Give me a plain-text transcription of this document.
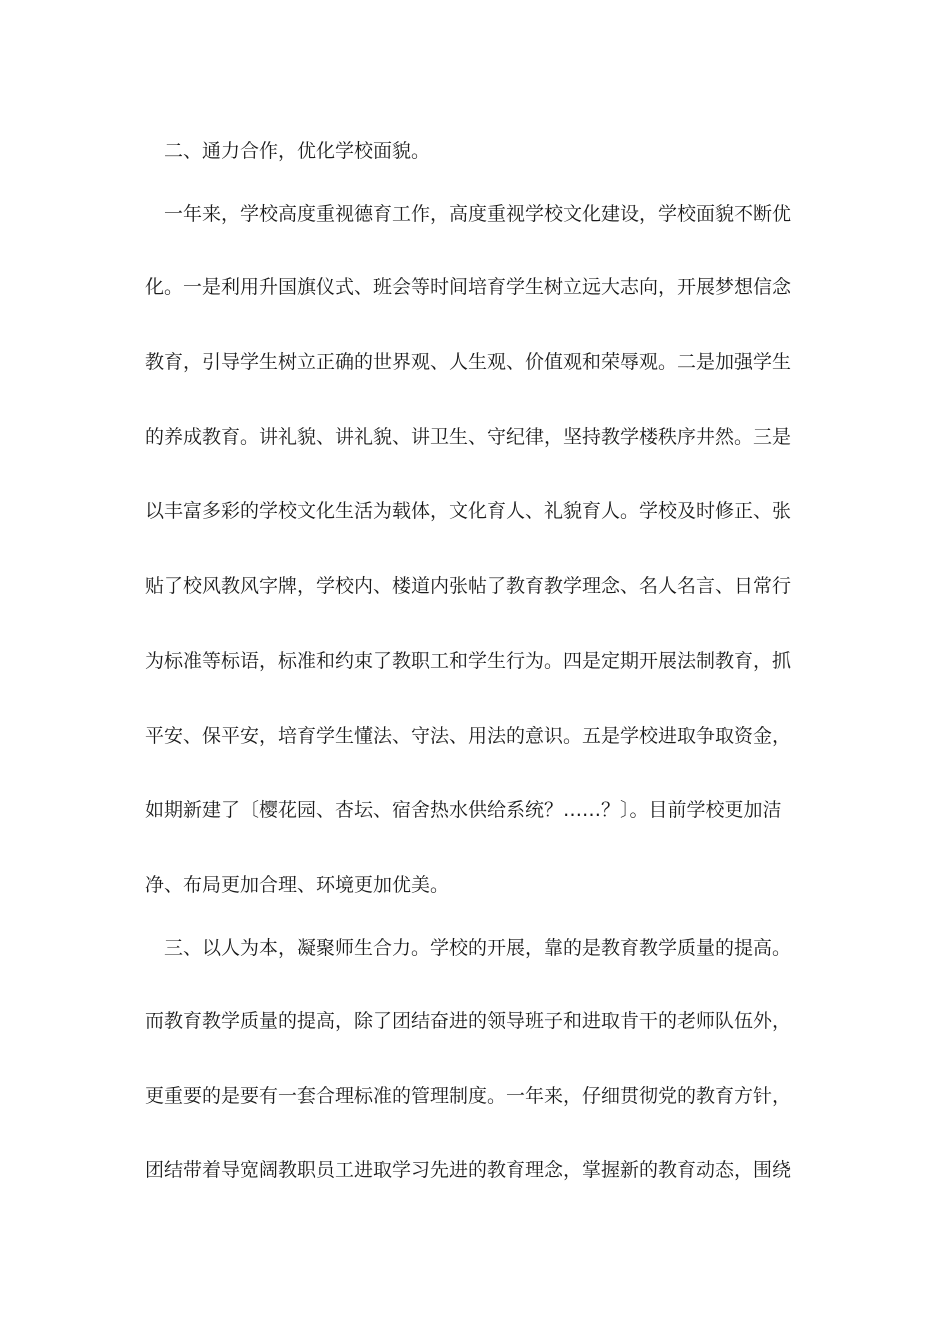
二、通力合作，优化学校面貌。
一年来，学校高度重视德育工作，高度重视学校文化建设，学校面貌不断优
化。一是利用升国旗仪式、班会等时间培育学生树立远大志向，开展梦想信念
教育，引导学生树立正确的世界观、人生观、价值观和荣辱观。二是加强学生
的养成教育。讲礼貌、讲礼貌、讲卫生、守纪律，坚持教学楼秩序井然。三是
以丰富多彩的学校文化生活为载体，文化育人、礼貌育人。学校及时修正、张
贴了校风教风字牌，学校内、楼道内张帖了教育教学理念、名人名言、日常行
为标准等标语，标准和约束了教职工和学生行为。四是定期开展法制教育，抓
平安、保平安，培育学生懂法、守法、用法的意识。五是学校进取争取资金，
如期新建了〔樱花园、杏坛、宿舍热水供给系统？……？〕。目前学校更加洁
净、布局更加合理、环境更加优美。
三、以人为本，凝聚师生合力。学校的开展，靠的是教育教学质量的提高。
而教育教学质量的提高，除了团结奋进的领导班子和进取肯干的老师队伍外，
更重要的是要有一套合理标准的管理制度。一年来，仔细贯彻党的教育方针，
团结带着导宽阔教职员工进取学习先进的教育理念，掌握新的教育动态，围绕
